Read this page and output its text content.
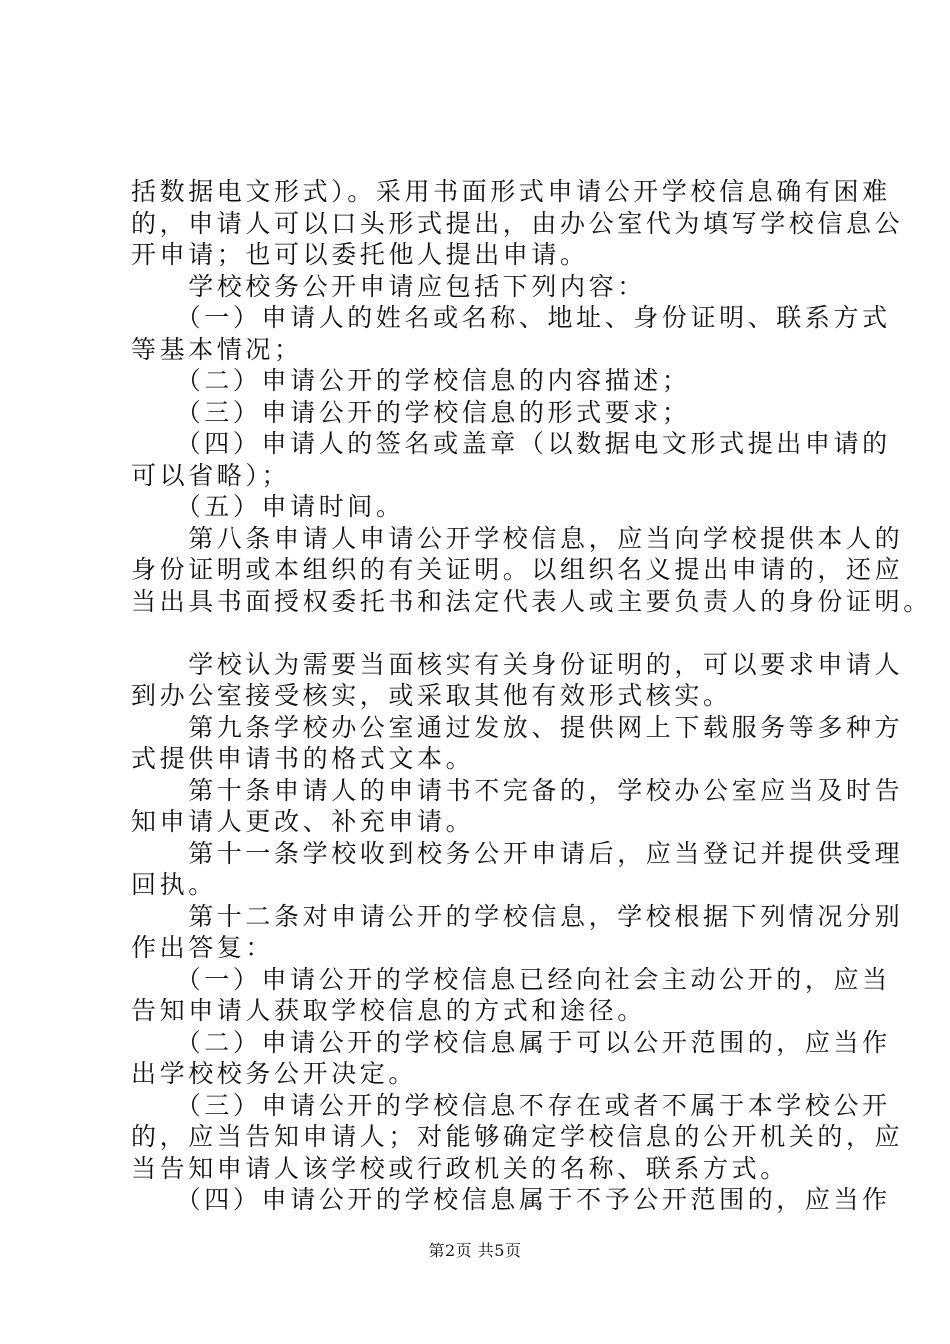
括数据电文形式）。采用书面形式申请公开学校信息确有困难

的，申请人可以口头形式提出，由办公室代为填写学校信息公

开申请；也可以委托他人提出申请。

　　学校校务公开申请应包括下列内容：

　　（一）申请人的姓名或名称、地址、身份证明、联系方式

等基本情况；

　　（二）申请公开的学校信息的内容描述；

　　（三）申请公开的学校信息的形式要求；

　　（四）申请人的签名或盖章（以数据电文形式提出申请的

可以省略）；

　　（五）申请时间。

　　第八条申请人申请公开学校信息，应当向学校提供本人的

身份证明或本组织的有关证明。以组织名义提出申请的，还应

当出具书面授权委托书和法定代表人或主要负责人的身份证明。

　　学校认为需要当面核实有关身份证明的，可以要求申请人

到办公室接受核实，或采取其他有效形式核实。

　　第九条学校办公室通过发放、提供网上下载服务等多种方

式提供申请书的格式文本。

　　第十条申请人的申请书不完备的，学校办公室应当及时告

知申请人更改、补充申请。

　　第十一条学校收到校务公开申请后，应当登记并提供受理

回执。

　　第十二条对申请公开的学校信息，学校根据下列情况分别

作出答复：

　　（一）申请公开的学校信息已经向社会主动公开的，应当

告知申请人获取学校信息的方式和途径。

　　（二）申请公开的学校信息属于可以公开范围的，应当作

出学校校务公开决定。

　　（三）申请公开的学校信息不存在或者不属于本学校公开

的，应当告知申请人；对能够确定学校信息的公开机关的，应

当告知申请人该学校或行政机关的名称、联系方式。

　　（四）申请公开的学校信息属于不予公开范围的，应当作

第2页 共5页
